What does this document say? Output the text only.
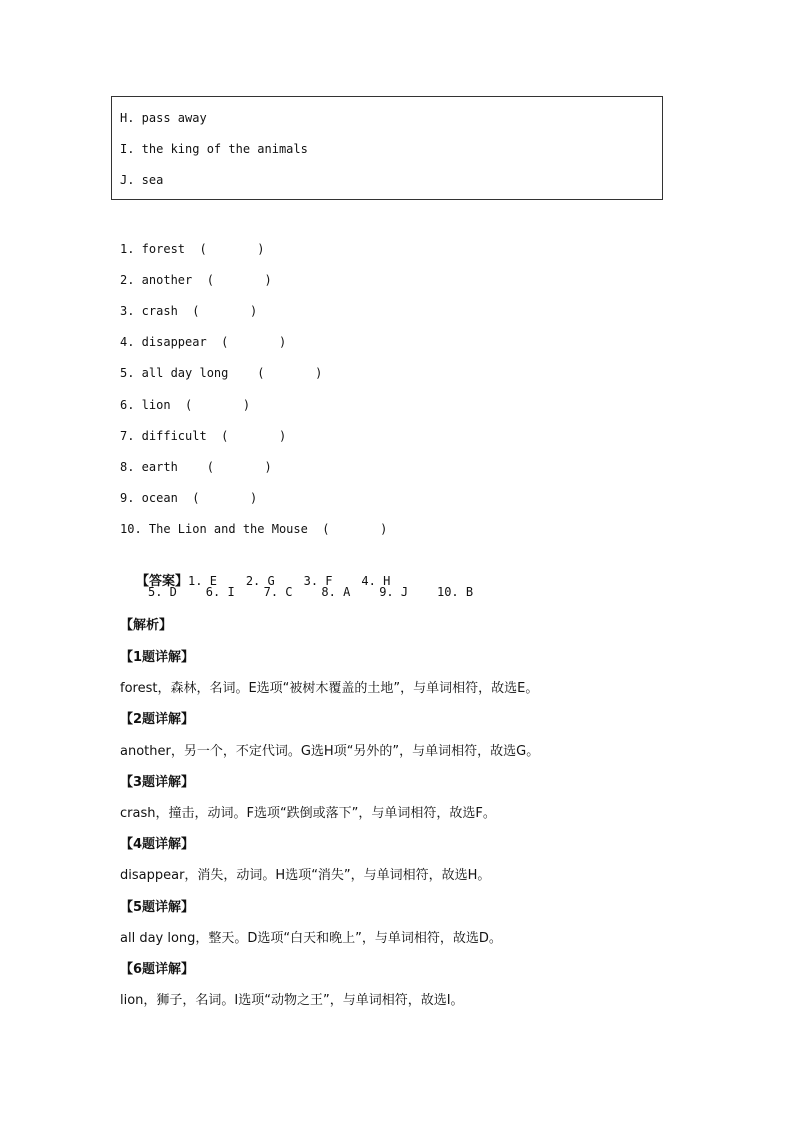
H. pass away
I. the king of the animals
J. sea
1. forest  (       )
2. another  (       )
3. crash  (       )
4. disappear  (       )
5. all day long    (       )
6. lion  (       )
7. difficult  (       )
8. earth    (       )
9. ocean  (       )
10. The Lion and the Mouse  (       )

【答案】1. E    2. G    3. F    4. H

5. D    6. I    7. C    8. A    9. J    10. B
【解析】
【1题详解】
forest，森林，名词。E选项“被树木覆盖的土地”，与单词相符，故选E。
【2题详解】
another，另一个，不定代词。G选H项“另外的”，与单词相符，故选G。
【3题详解】
crash，撞击，动词。F选项“跌倒或落下”，与单词相符，故选F。
【4题详解】
disappear，消失，动词。H选项“消失”，与单词相符，故选H。
【5题详解】
all day long，整天。D选项“白天和晚上”，与单词相符，故选D。
【6题详解】
lion，狮子，名词。I选项“动物之王”，与单词相符，故选I。
